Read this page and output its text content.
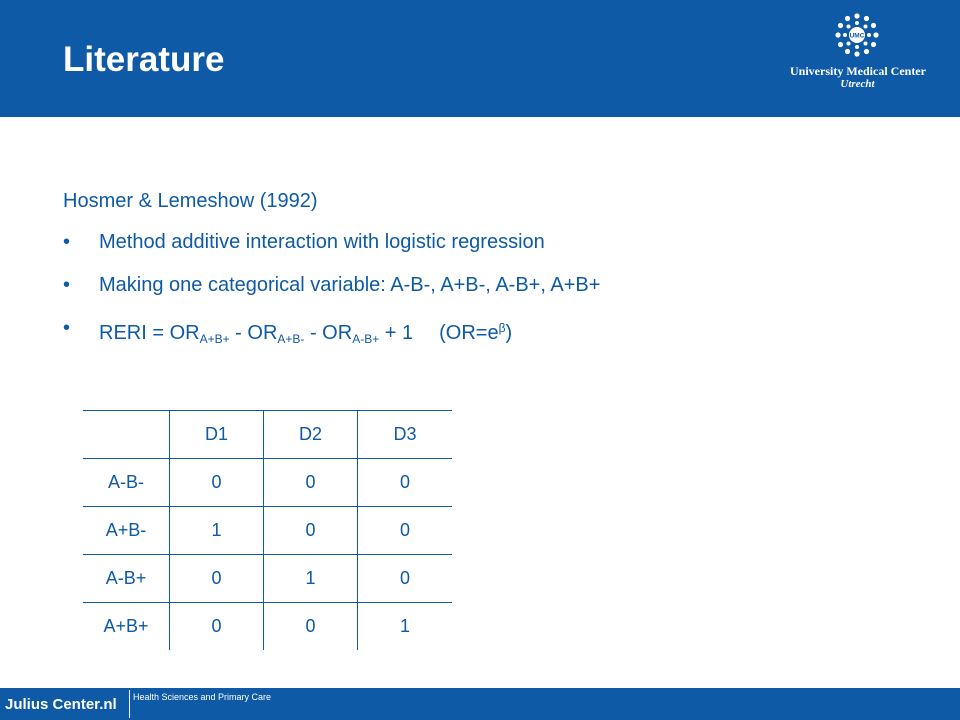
Literature
UMC
University Medical Center
Utrecht

Hosmer & Lemeshow (1992)

• Method additive interaction with logistic regression
• Making one categorical variable: A-B-, A+B-, A-B+, A+B+
• RERI = $OR_{A+B+} - OR_{A+B-} - OR_{A-B+} + 1$ $(OR=e^\beta)$
	D1	D2	D3
A-B-	0	0	0
A+B-	1	0	0
A-B+	0	1	0
A+B+	0	0	1
Julius Center.nl Health Sciences and Primary Care
